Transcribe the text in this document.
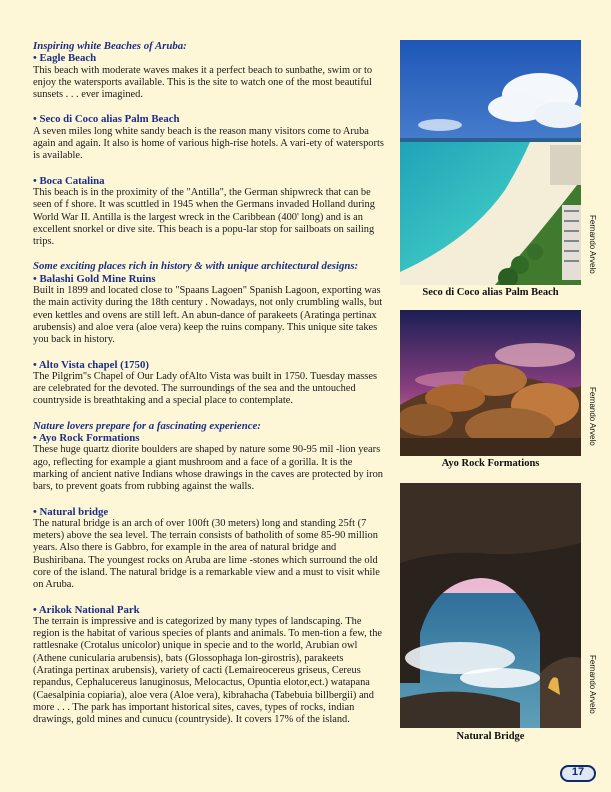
Inspiring white Beaches of Aruba:

• Eagle Beach

This beach with moderate waves makes it a perfect beach to sunbathe, swim or to enjoy the watersports available. This is the site to watch one of the most beautiful sunsets . . . ever imagined.

• Seco di Coco alias Palm Beach

A seven miles long white sandy beach is the reason many visitors come to Aruba again and again. It also is home of various high-rise hotels. A vari-ety of watersports is available.

• Boca Catalina

This beach is in the proximity of the "Antilla", the German shipwreck that can be seen of f shore. It was scuttled in 1945 when the Germans invaded Holland during World War II. Antilla is the largest wreck in the Caribbean (400' long) and is an excellent snorkel or dive site. This beach is a popu-lar stop for sailboats on sailing trips.

Some exciting places rich in history & with unique architectural designs:

• Balashi Gold Mine Ruins

Built in 1899 and located close to "Spaans Lagoen" Spanish Lagoon, exporting was the main activity during the 18th century . Nowadays, not only crumbling walls, but even kettles and ovens are still left. An abun-dance of parakeets (Aratinga pertinax arubensis) and aloe vera (aloe vera) keep the ruins company. This unique site takes you back in history.

• Alto Vista chapel (1750)

The Pilgrim"s Chapel of Our Lady ofAlto Vista was built in 1750. Tuesday masses are celebrated for the devoted. The surroundings of the sea and the untouched countryside is breathtaking and a special place to contemplate.

Nature lovers prepare for a fascinating experience:

• Ayo Rock Formations

These huge quartz diorite boulders are shaped by nature some 90-95 mil -lion years ago, reflecting for example a giant mushroom and a face of a gorilla. It is the marking of ancient native Indians whose drawings in the caves are protected by iron bars, to prevent goats from rubbing against the walls.

• Natural bridge

The natural bridge is an arch of over 100ft (30 meters) long and standing 25ft (7 meters) above the sea level. The terrain consists of batholith of some 85-90 million years. Also there is Gabbro, for example in the area of natural bridge and Bushiribana. The youngest rocks on Aruba are lime -stones which surround the old core of the island. The natural bridge is a remarkable view and a must to visit while on Aruba.

• Arikok National Park

The terrain is impressive and is categorized by many types of landscaping. The region is the habitat of various species of plants and animals. To men-tion a few, the rattlesnake (Crotalus unicolor) unique in specie and to the world, Arubian owl (Athene cunicularia arubensis), bats (Glossophaga lon-girostris), parakeets (Aratinga pertinax arubensis), variety of cacti (Lemaireocereus griseus, Cereus repandus, Cephalucereus lanuginosus, Melocactus, Opuntia elotor,ect.) watapana (Caesalpinia copiaria), aloe vera (Aloe vera), kibrahacha (Tabebuia billbergii) and more . . . The park has important historical sites, caves, types of rocks, indian drawings, gold mines and cunucu (countryside). It covers 17% of the island.

Fernando Arvelo
Seco di Coco alias Palm Beach
Fernando Arvelo
Ayo Rock Formations
Fernando Arvelo
Natural Bridge
17
